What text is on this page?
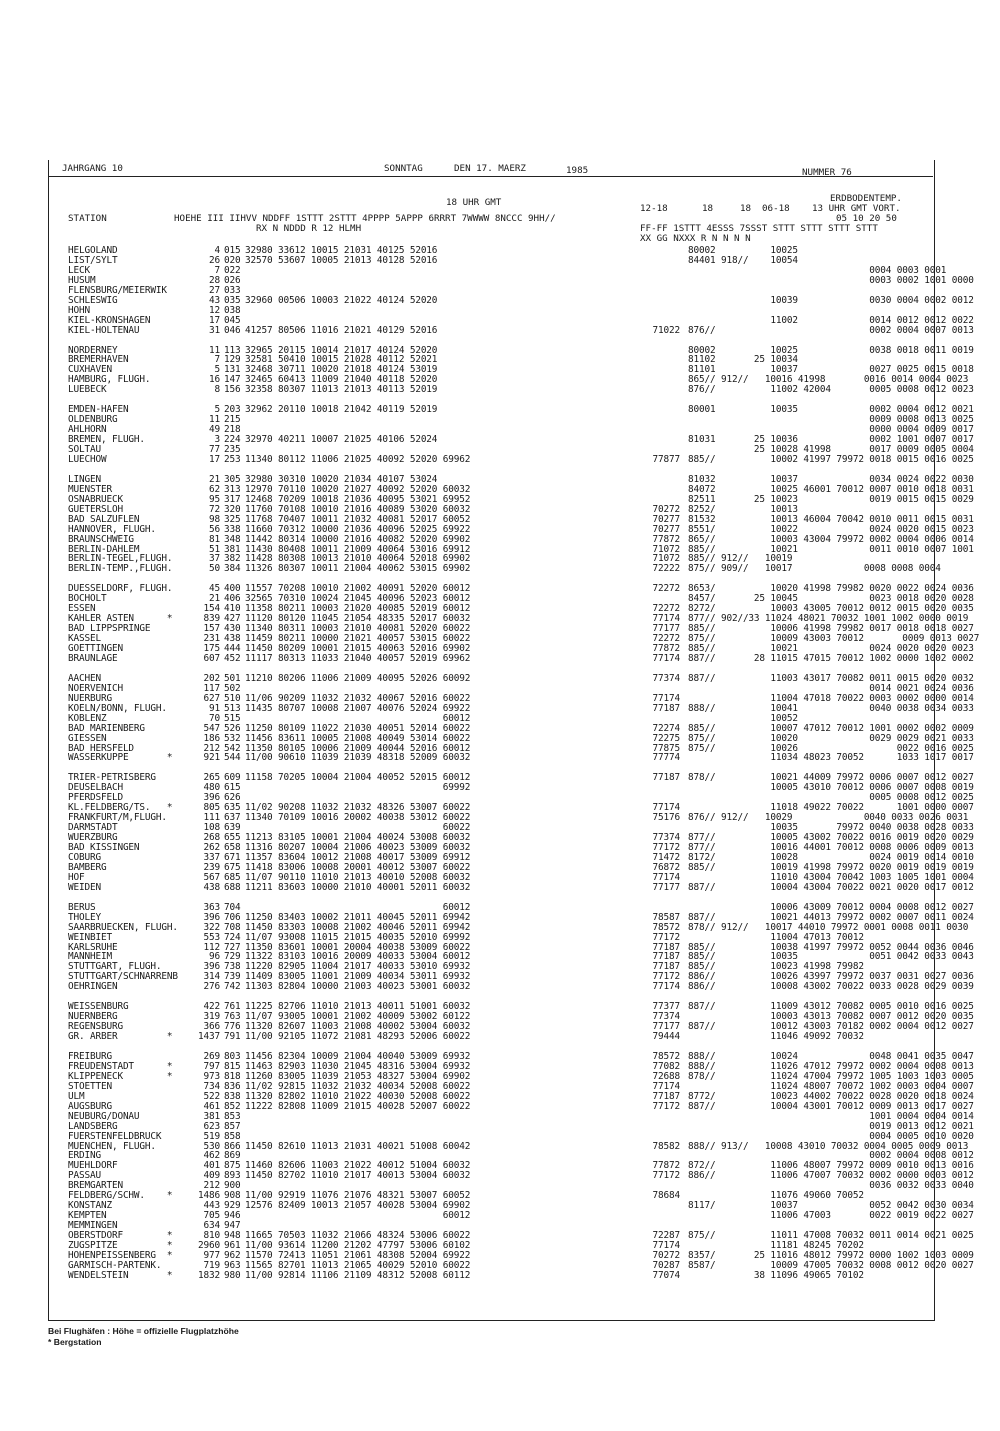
JAHRGANG 10	SONNTAG	DEN 17. MAERZ	1985	NUMMER 76
18 UHR GMT
STATION	HOEHE III IIHVV NDDFF 1STTT 2STTT 4PPPP 5APPP 6RRRT 7WWWW 8NCCC 9HH//
RX N NDDD R 12 HLMH
12-18	18	18 06-18
ERDBODENTEMP.
13 UHR GMT VORT.
05 10 20 50
FF-FF 1STTT 4ESSS 7SSST STTT STTT STTT STTT
XX GG NXXX R N N N N
HELGOLAND	4 015 32980 33612 10015 21031 40125 52016	80002          10025
LIST/SYLT	26 020 32570 53607 10005 21013 40128 52016	84401 918//    10054
LECK	7 022	0004 0003 0001
HUSUM	28 026	0003 0002 1001 0000
FLENSBURG/MEIERWIK	27 033
SCHLESWIG	43 035 32960 00506 10003 21022 40124 52020	10039             0030 0004 0002 0012
HOHN	12 038
KIEL-KRONSHAGEN	17 045	11002             0014 0012 0012 0022
KIEL-HOLTENAU	31 046 41257 80506 11016 21021 40129 52016	71022 876//                            0002 0004 0007 0013
NORDERNEY	11 113 32965 20115 10014 21017 40124 52020	80002          10025             0038 0018 0011 0019
BREMERHAVEN	7 129 32581 50410 10015 21028 40112 52021	81102       25 10034
CUXHAVEN	5 131 32468 30711 10020 21018 40124 53019	81101          10037             0027 0025 0015 0018
HAMBURG, FLUGH.	16 147 32465 60413 11009 21040 40118 52020	865// 912//   10016 41998       0016 0014 0004 0023
LUEBECK	8 156 32358 80307 11013 21013 40113 52019	876//          11002 42004       0005 0008 0012 0023
EMDEN-HAFEN	5 203 32962 20110 10018 21042 40119 52019	80001          10035             0002 0004 0012 0021
OLDENBURG	11 215	0009 0008 0013 0025
AHLHORN	49 218	0000 0004 0009 0017
BREMEN, FLUGH.	3 224 32970 40211 10007 21025 40106 52024	81031       25 10036             0002 1001 0007 0017
SOLTAU	77 235	25 10028 41998       0017 0009 0005 0004
LUECHOW	17 253 11340 80112 11006 21025 40092 52020 69962	77877 885//          10002 41997 79972 0018 0015 0016 0025
LINGEN	21 305 32980 30310 10020 21034 40107 53024	81032          10037             0034 0024 0022 0030
MUENSTER	62 313 12970 70110 10020 21027 40092 52020 60032	84072          10025 46001 70012 0007 0010 0018 0031
OSNABRUECK	95 317 12468 70209 10018 21036 40095 53021 69952	82511       25 10023             0019 0015 0015 0029
GUETERSLOH	72 320 11760 70108 10010 21016 40089 53020 60032	70272 8252/          10013
BAD SALZUFLEN	98 325 11768 70407 10011 21032 40081 52017 60052	70277 81532          10013 46004 70042 0010 0011 0015 0031
HANNOVER, FLUGH.	56 338 11660 70312 10000 21036 40096 52025 69922	70277 8551/          10022             0024 0020 0015 0023
BRAUNSCHWEIG	81 348 11442 80314 10000 21016 40082 52020 69902	77872 865//          10003 43004 79972 0002 0004 0006 0014
BERLIN-DAHLEM	51 381 11430 80408 10011 21009 40064 53016 69912	71072 885//          10021             0011 0010 0007 1001
BERLIN-TEGEL,FLUGH.	37 382 11428 80308 10013 21010 40064 52018 69902	71072 885// 912//   10019
BERLIN-TEMP.,FLUGH.	50 384 11326 80307 10011 21004 40062 53015 69902	72222 875// 909//   10017             0008 0008 0004
DUESSELDORF, FLUGH.	45 400 11557 70208 10010 21002 40091 52020 60012	72272 8653/          10020 41998 79982 0020 0022 0024 0036
BOCHOLT	21 406 32565 70310 10024 21045 40096 52023 60012	8457/       25 10045             0023 0018 0020 0028
ESSEN	154 410 11358 80211 10003 21020 40085 52019 60012	72272 8272/          10003 43005 70012 0012 0015 0020 0035
KAHLER ASTEN      *	839 427 11120 80120 11045 21054 48335 52017 60032	77174 877// 902//33 11024 48021 70032 1001 1002 0000 0019
BAD LIPPSPRINGE	157 430 11340 80311 10003 21010 40081 52020 60022	77177 885//          10006 41998 79982 0017 0018 0018 0027
KASSEL	231 438 11459 80211 10000 21021 40057 53015 60022	72272 875//          10009 43003 70012       0009 0013 0027
GOETTINGEN	175 444 11450 80209 10001 21015 40063 52016 69902	77872 885//          10021             0024 0020 0020 0023
BRAUNLAGE	607 452 11117 80313 11033 21040 40057 52019 69962	77174 887//       28 11015 47015 70012 1002 0000 1002 0002
AACHEN	202 501 11210 80206 11006 21009 40095 52026 60092	77374 887//          11003 43017 70082 0011 0015 0020 0032
NOERVENICH	117 502	0014 0021 0024 0036
NUERBURG	627 510 11/06 90209 11032 21032 40067 52016 60022	77174 11004 47018 70022 0003 0002 0000 0014
KOELN/BONN, FLUGH.	91 513 11435 80707 10008 21007 40076 52024 69922	77187 888//          10041             0040 0038 0034 0033
KOBLENZ	70 515 60012	10052
BAD MARIENBERG	547 526 11250 80109 11022 21030 40051 52014 60022	72274 885//          10007 47012 70012 1001 0002 0002 0009
GIESSEN	186 532 11456 83611 10005 21008 40049 53014 60022	72275 875//          10020             0029 0029 0021 0033
BAD HERSFELD	212 542 11350 80105 10006 21009 40044 52016 60012	77875 875//          10026                  0022 0016 0025
WASSERKUPPE       *	921 544 11/00 90610 11039 21039 48318 52009 60032	77774 11034 48023 70052      1033 1017 0017
TRIER-PETRISBERG	265 609 11158 70205 10004 21004 40052 52015 60012	77187 878//          10021 44009 79972 0006 0007 0012 0027
DEUSELBACH	480 615 69992	10005 43010 70012 0006 0007 0008 0019
PFERDSFELD	396 626	0005 0008 0012 0025
KL.FELDBERG/TS.   *	805 635 11/02 90208 11032 21032 48326 53007 60022	77174 11018 49022 70022      1001 0000 0007
FRANKFURT/M,FLUGH.	111 637 11340 70109 10016 20002 40038 53012 60022	75176 876// 912//   10029             0040 0033 0026 0031
DARMSTADT	108 639 60022	10035       79972 0040 0038 0028 0033
WUERZBURG	268 655 11213 83105 10001 21004 40024 53008 60032	77374 877//          10005 43002 70022 0016 0019 0020 0029
BAD KISSINGEN	262 658 11316 80207 10004 21006 40023 53009 60032	77172 877//          10016 44001 70012 0008 0006 0009 0013
COBURG	337 671 11357 83604 10012 21008 40017 53009 69912	71472 8172/          10028             0024 0019 0014 0010
BAMBERG	239 675 11418 83006 10008 20001 40012 53007 60022	76872 885//          10019 41998 79972 0020 0019 0019 0019
HOF	567 685 11/07 90110 11010 21013 40010 52008 60032	77174 11010 43004 70042 1003 1005 1001 0004
WEIDEN	438 688 11211 83603 10000 21010 40001 52011 60032	77177 887//          10004 43004 70022 0021 0020 0017 0012
BERUS	363 704 60012	10006 43009 70012 0004 0008 0012 0027
THOLEY	396 706 11250 83403 10002 21011 40045 52011 69942	78587 887//          10021 44013 79972 0002 0007 0011 0024
SAARBRUECKEN, FLUGH.	322 708 11450 83303 10008 21002 40046 52011 69942	78572 878// 912//   10017 44010 79972 0001 0008 0011 0030
WEINBIET	553 724 11/07 93008 11015 21015 40035 52010 69992	77172 11004 47013 70012
KARLSRUHE	112 727 11350 83601 10001 20004 40038 53009 60022	77187 885//          10038 41997 79972 0052 0044 0036 0046
MANNHEIM	96 729 11322 83103 10016 20009 40033 53004 60012	77187 885//          10035             0051 0042 0033 0043
STUTTGART, FLUGH.	396 738 11220 82905 11004 21017 40033 53010 69932	77187 885//          10023 41998 79982
STUTTGART/SCHNARRENB	314 739 11409 83005 11001 21009 40034 53011 69932	77172 886//          10026 43997 79972 0037 0031 0027 0036
OEHRINGEN	276 742 11303 82804 10000 21003 40023 53001 60032	77174 886//          10008 43002 70022 0033 0028 0029 0039
WEISSENBURG	422 761 11225 82706 11010 21013 40011 51001 60032	77377 887//          11009 43012 70082 0005 0010 0016 0025
NUERNBERG	319 763 11/07 93005 10001 21002 40009 53002 60122	77374 10003 43013 70082 0007 0012 0020 0035
REGENSBURG	366 776 11320 82607 11003 21008 40002 53004 60032	77177 887//          10012 43003 70182 0002 0004 0012 0027
GR. ARBER         *	1437 791 11/00 92105 11072 21081 48293 52006 60022	79444 11046 49092 70032
FREIBURG	269 803 11456 82304 10009 21004 40040 53009 69932	78572 888//          10024             0048 0041 0035 0047
FREUDENSTADT      *	797 815 11463 82903 11030 21045 48316 53004 69932	77082 888//          11026 47012 79972 0002 0004 0008 0013
KLIPPENECK        *	973 818 11260 83005 11039 21053 48327 53004 69902	72688 878//          11024 47004 79972 1005 1003 1003 0005
STOETTEN	734 836 11/02 92815 11032 21032 40034 52008 60022	77174 11024 48007 70072 1002 0003 0004 0007
ULM	522 838 11320 82802 11010 21022 40030 52008 60022	77187 8772/          10023 44002 70022 0028 0020 0018 0024
AUGSBURG	461 852 11222 82808 11009 21015 40028 52007 60022	77172 887//          10004 43001 70012 0009 0013 0017 0027
NEUBURG/DONAU	381 853	1001 0004 0004 0014
LANDSBERG	623 857	0019 0013 0012 0021
FUERSTENFELDBRUCK	519 858	0004 0005 0010 0020
MUENCHEN, FLUGH.	530 866 11450 82610 11013 21031 40021 51008 60042	78582 888// 913//   10008 43010 70032 0004 0005 0009 0013
ERDING	462 869	0002 0004 0008 0012
MUEHLDORF	401 875 11460 82606 11003 21022 40012 51004 60032	77872 872//          11006 48007 79972 0009 0010 0013 0016
PASSAU	409 893 11450 82702 11010 21017 40013 53004 60032	77172 886//          11006 47007 70032 0002 0000 0003 0012
BREMGARTEN	212 900	0036 0032 0033 0040
FELDBERG/SCHW.    *	1486 908 11/00 92919 11076 21076 48321 53007 60052	78684 11076 49060 70052
KONSTANZ	443 929 12576 82409 10013 21057 40028 53004 69902	8117/          10037             0052 0042 0030 0034
KEMPTEN	705 946 60012	11006 47003       0022 0019 0022 0027
MEMMINGEN	634 947
OBERSTDORF        *	810 948 11665 70503 11032 21066 48324 53006 60022	72287 875//          11011 47008 70032 0011 0014 0021 0025
ZUGSPITZE         *	2960 961 11/00 93614 11200 21202 47797 53006 60102	77174 11181 48245 70202
HOHENPEISSENBERG  *	977 962 11570 72413 11051 21061 48308 52004 69922	70272 8357/       25 11016 48012 79972 0000 1002 1003 0009
GARMISCH-PARTENK.	719 963 11565 82701 11013 21065 40029 52010 60022	70287 8587/          10009 47005 70032 0008 0012 0020 0027
WENDELSTEIN       *	1832 980 11/00 92814 11106 21109 48312 52008 60112	77074 38 11096 49065 70102
Bei Flughäfen : Höhe = offizielle Flugplatzhöhe
* Bergstation
